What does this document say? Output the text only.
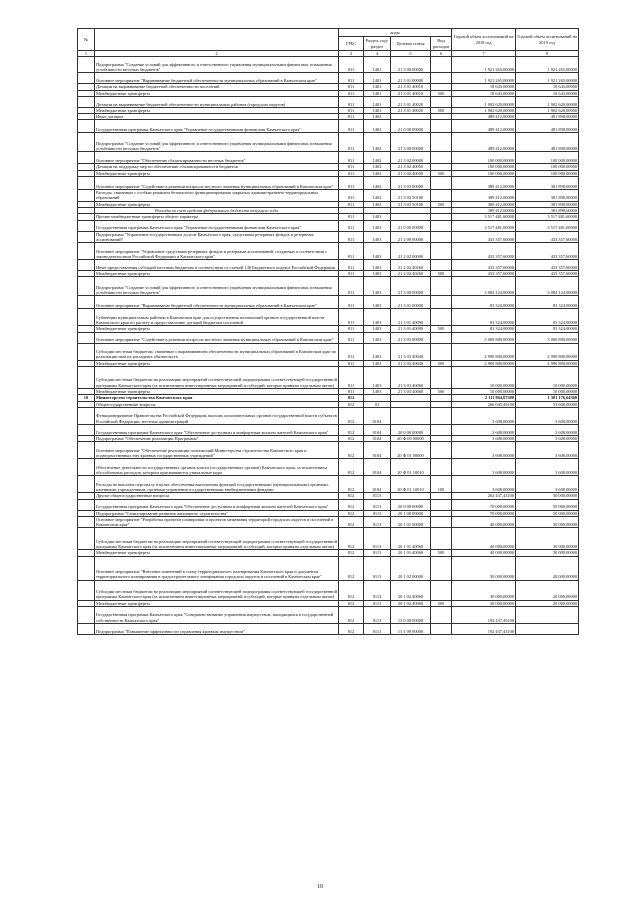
№		коды				Годовой объем ассигнований на 2018 год	Годовой объем ассигнований на 2019 год
		ГРБС	Раздел, под-раздел	Целевая статья	Вид расходов		
1	2	3	4	5	6	7	8
	Подпрограмма "Создание условий для эффективного и ответственного управления муниципальными финансами, повышения устойчивости местных бюджетов"	811	1401	21 3 00 00000		1 921 265,00000	1 921 265,00000
	Основное мероприятие "Выравнивание бюджетной обеспеченности муниципальных образований в Камчатском крае"	811	1401	21 3 01 00000		1 921 265,00000	1 921 265,00000
	Дотации на выравнивание бюджетной обеспеченности поселений	811	1401	21 3 01 40010		18 643,00000	18 643,00000
	Межбюджетные трансферты	811	1401	21 3 01 40010	500	18 643,00000	18 643,00000
	Дотации на выравнивание бюджетной обеспеченности муниципальных районов (городских округов)	811	1401	21 3 01 40020		1 902 620,00000	1 902 620,00000
	Межбюджетные трансферты	811	1401	21 3 01 40020	500	1 902 620,00000	1 902 620,00000
	Иные дотации	811	1402			489 412,00000	481 898,00000
	Государственная программа Камчатского края "Управление государственными финансами Камчатского края"	811	1402	21 0 00 00000		489 412,00000	481 898,00000
	Подпрограмма "Создание условий для эффективного и ответственного управления муниципальными финансами, повышения устойчивости местных бюджетов"	811	1402	21 3 00 00000		489 412,00000	481 898,00000
	Основное мероприятие "Обеспечение сбалансированности местных бюджетов"	811	1402	21 3 02 00000		100 000,00000	100 000,00000
	Дотации на поддержку мер по обеспечению сбалансированности бюджетов	811	1402	21 3 02 40050		100 000,00000	100 000,00000
	Межбюджетные трансферты	811	1402	21 3 02 40050	500	100 000,00000	100 000,00000
	Основное мероприятие "Содействие в решении вопросов местного значения муниципальных образований в Камчатском крае"	811	1402	21 3 03 00000		389 412,00000	381 898,00000
	Расходы, связанные с особым режимом безопасного функционирования закрытых административно-территориальных образований	811	1402	21 3 03 50100		389 412,00000	381 898,00000
	Межбюджетные трансферты	811	1402	21 3 03 50100	500	389 412,00000	381 898,00000
	Расходы за счет средств федерального бюджета текущего года					389 412,00000	381 898,00000
	Прочие межбюджетные трансферты общего характера	811	1403			3 517 481,60000	3 517 481,60000
	Государственная программа Камчатского края "Управление государственными финансами Камчатского края"	811	1403	21 0 00 00000		3 517 481,60000	3 517 481,60000
	Подпрограмма "Управление государственным долгом Камчатского края, средствами резервных фондов и резервных ассигнований"	811	1403	21 2 00 00000		433 357,60000	433 357,60000
	Основное мероприятие "Управление средствами резервных фондов и резервами ассигнований, созданных в соответствии с законодательством Российской Федерации и Камчатского края"	811	1403	21 2 02 00000		433 357,60000	433 357,60000
	Иные предоставления субсидий местным бюджетам в соответствии со статьей 140 Бюджетного кодекса Российской Федерации	811	1403	21 2 02 40260		433 357,60000	433 357,60000
	Межбюджетные трансферты	811	1403	21 2 02 40260	500	433 357,60000	433 357,60000
	Подпрограмма "Создание условий для эффективного и ответственного управления муниципальными финансами, повышения устойчивости местных бюджетов"	811	1403	21 3 00 00000		3 084 124,00000	3 084 124,00000
	Основное мероприятие "Выравнивание бюджетной обеспеченности муниципальных образований в Камчатском крае"	811	1403	21 3 01 00000		83 324,00000	83 324,00000
	Субвенции муниципальным районам в Камчатском крае для осуществления полномочий органов государственной власти Камчатского края по расчету и предоставлению дотаций бюджетам поселений	811	1403	21 3 01 40090		83 324,00000	83 324,00000
	Межбюджетные трансферты	811	1403	21 3 01 40090	500	83 324,00000	83 324,00000
	Основное мероприятие "Содействие в решении вопросов местного значения муниципальных образований в Камчатском крае"	811	1403	21 3 03 00000		3 000 800,00000	3 000 800,00000
	Субсидии местным бюджетам, связанные с выравниванием обеспеченности муниципальных образований в Камчатском крае по реализации ими их расходных обязательств	811	1403	21 3 03 40040		2 990 800,00000	2 990 800,00000
	Межбюджетные трансферты	811	1403	21 3 03 40040	500	2 990 800,00000	2 990 800,00000
	Субсидии местным бюджетам на реализацию мероприятий соответствующей подпрограммы соответствующей государственной программы Камчатского края (за исключением инвестиционных мероприятий и субсидий, которые приняты отдельным актом)	811	1403	21 3 03 40060		10 000,00000	10 000,00000
	Межбюджетные трансферты	811	1403	21 3 03 40060	500	10 000,00000	10 000,00000
10	Министерство строительства Камчатского края	812				2 111 864,07300	1 301 176,64300
	Общегосударственные вопросы	812	01			266 045,43100	53 608,00000
	Функционирование Правительства Российской Федерации, высших исполнительных органов государственной власти субъектов Российской Федерации, местных администраций	812	0104			3 608,00000	3 608,00000
	Государственная программа Камчатского края "Обеспечение доступным и комфортным жильем жителей Камчатского края"	812	0104	20 0 00 00000		3 608,00000	3 608,00000
	Подпрограмма "Обеспечение реализации Программы"	812	0104	20 Ф 00 00000		3 608,00000	3 608,00000
	Основное мероприятие "Обеспечение реализации полномочий Министерства строительства Камчатского края и подведомственных ему краевых государственных учреждений"	812	0104	20 Ф 01 00000		3 608,00000	3 608,00000
	Обеспечение деятельности государственных органов власти (государственных органов) Камчатского края, за исключением обособленных расходов, которым присваиваются уникальные коды	812	0104	20 Ф 01 10010		3 608,00000	3 608,00000
	Расходы на выплаты персоналу в целях обеспечения выполнения функций государственными (муниципальными) органами, казенными учреждениями, органами управления государственными внебюджетными фондами	812	0104	20 Ф 01 10010	100	3 608,00000	3 608,00000
	Другие общегосударственные вопросы	812	0113			262 437,43100	50 000,00000
	Государственная программа Камчатского края "Обеспечение доступным и комфортным жильем жителей Камчатского края"	812	0113	20 0 00 00000		70 000,00000	50 000,00000
	Подпрограмма "Стимулирование развития жилищного строительства"	812	0113	20 1 00 00000		70 000,00000	50 000,00000
	Основное мероприятие "Разработка проектов планировки и проектов межевания территорий городских округов и поселений в Камчатском крае"	812	0113	20 1 01 00000		40 000,00000	30 000,00000
	Субсидии местным бюджетам на реализацию мероприятий соответствующей подпрограммы соответствующей государственной программы Камчатского края (за исключением инвестиционных мероприятий и субсидий, которые приняты отдельным актом)	812	0113	20 1 01 40060		40 000,00000	30 000,00000
	Межбюджетные трансферты	812	0113	20 1 01 40060	500	40 000,00000	30 000,00000
	Основное мероприятие "Внесение изменений в схему территориального планирования Камчатского края и документы территориального планирования в градостроительного зонирования городских округов и поселений в Камчатском крае"	812	0113	20 1 02 00000		30 000,00000	20 000,00000
	Субсидии местным бюджетам на реализацию мероприятий соответствующей подпрограммы соответствующей государственной программы Камчатского края (за исключением инвестиционных мероприятий и субсидий, которые приняты отдельным актом)	812	0113	20 1 02 40060		30 000,00000	20 000,00000
	Межбюджетные трансферты	812	0113	20 1 02 40060	500	30 000,00000	20 000,00000
	Государственная программа Камчатского края "Совершенствование управления имуществом, находящимся в государственной собственности Камчатского края"	812	0113	13 0 00 00000		192 437,43100	
	Подпрограмма "Повышение эффективности управления краевым имуществом"	812	0113	13 1 00 00000		192 437,43100	
10
